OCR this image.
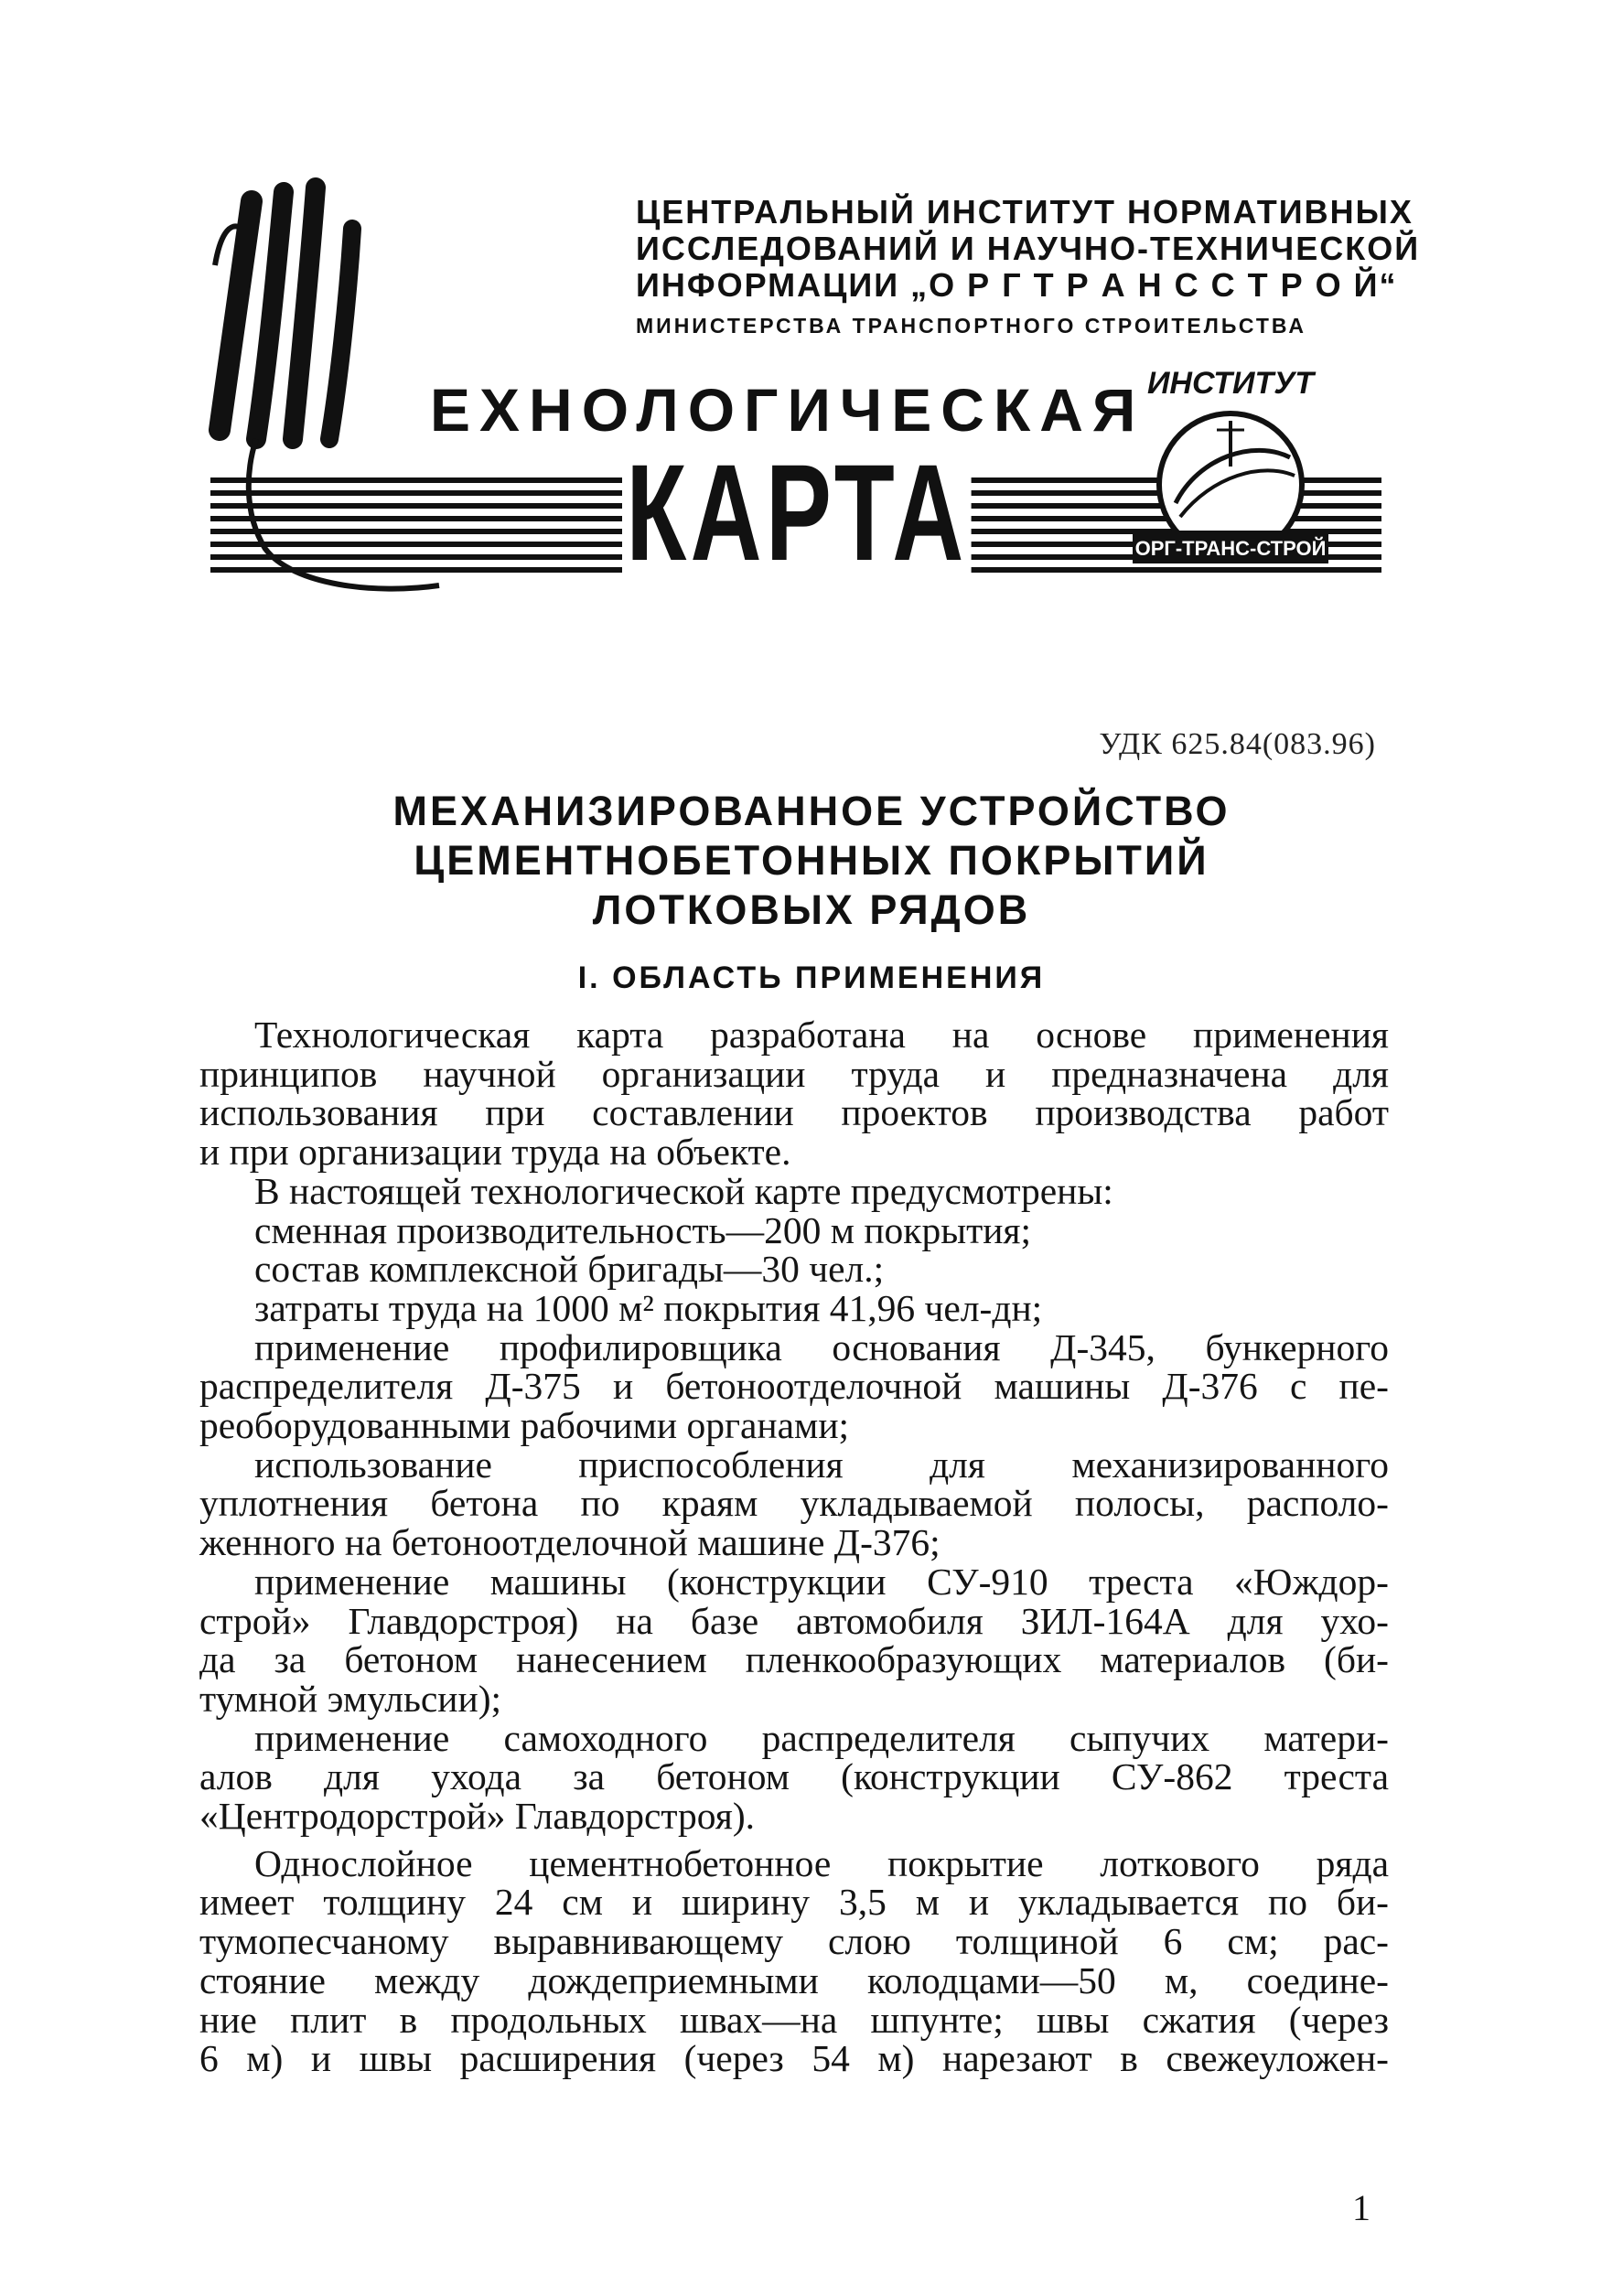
ЦЕНТРАЛЬНЫЙ ИНСТИТУТ НОРМАТИВНЫХ
ИССЛЕДОВАНИЙ И НАУЧНО-ТЕХНИЧЕСКОЙ
ИНФОРМАЦИИ „О Р Г Т Р А Н С С Т Р О Й“
МИНИСТЕРСТВА ТРАНСПОРТНОГО СТРОИТЕЛЬСТВА
ЕХНОЛОГИЧЕСКАЯ
КАРТА
ИНСТИТУТ
ОРГ-ТРАНС-СТРОЙ
УДК 625.84(083.96)
МЕХАНИЗИРОВАННОЕ УСТРОЙСТВО
ЦЕМЕНТНОБЕТОННЫХ ПОКРЫТИЙ
ЛОТКОВЫХ РЯДОВ
I. ОБЛАСТЬ ПРИМЕНЕНИЯ
Технологическая карта разработана на основе применения
принципов научной организации труда и предназначена для
использования при составлении проектов производства работ
и при организации труда на объекте.
В настоящей технологической карте предусмотрены:
сменная производительность—200 м покрытия;
состав комплексной бригады—30 чел.;
затраты труда на 1000 м² покрытия 41,96 чел-дн;
применение профилировщика основания Д-345, бункерного
распределителя Д-375 и бетоноотделочной машины Д-376 с пе-
реоборудованными рабочими органами;
использование приспособления для механизированного
уплотнения бетона по краям укладываемой полосы, располо-
женного на бетоноотделочной машине Д-376;
применение машины (конструкции СУ-910 треста «Юждор-
строй» Главдорстроя) на базе автомобиля ЗИЛ-164А для ухо-
да за бетоном нанесением пленкообразующих материалов (би-
тумной эмульсии);
применение самоходного распределителя сыпучих матери-
алов для ухода за бетоном (конструкции СУ-862 треста
«Центродорстрой» Главдорстроя).
Однослойное цементнобетонное покрытие лоткового ряда
имеет толщину 24 см и ширину 3,5 м и укладывается по би-
тумопесчаному выравнивающему слою толщиной 6 см; рас-
стояние между дождеприемными колодцами—50 м, соедине-
ние плит в продольных швах—на шпунте; швы сжатия (через
6 м) и швы расширения (через 54 м) нарезают в свежеуложен-
1
